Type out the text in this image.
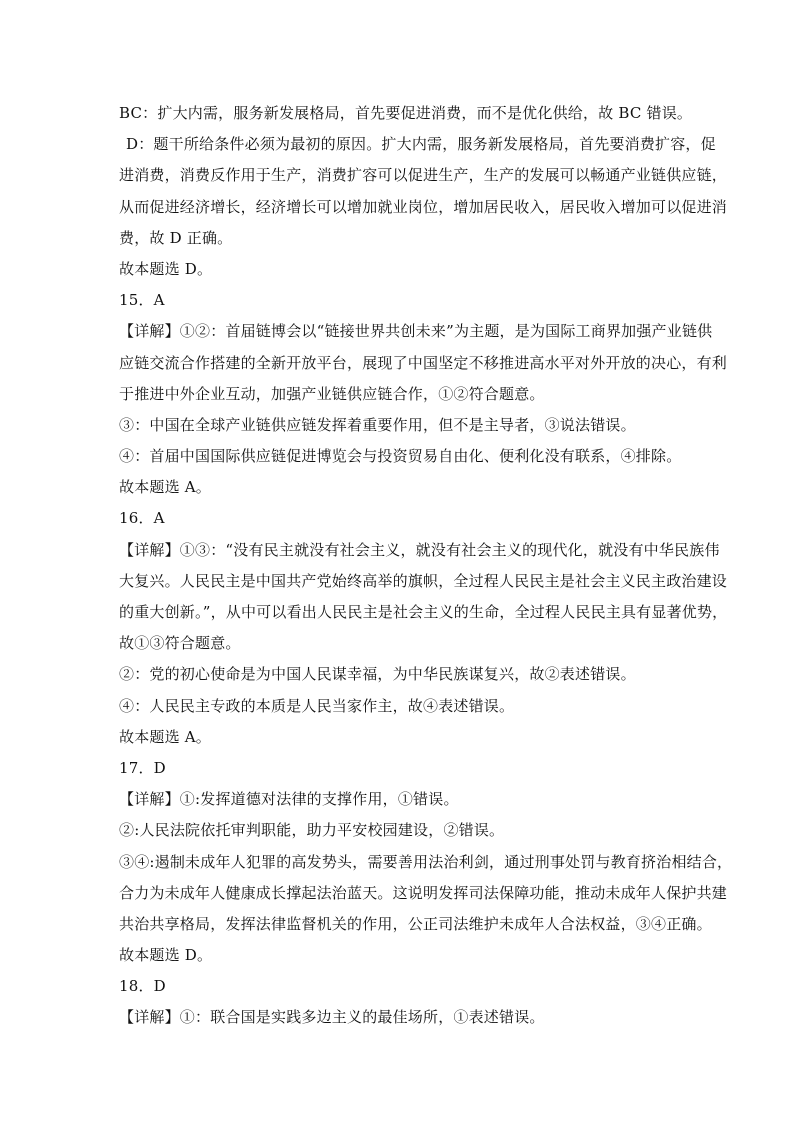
BC：扩大内需，服务新发展格局，首先要促进消费，而不是优化供给，故 BC 错误。
D：题干所给条件必须为最初的原因。扩大内需，服务新发展格局，首先要消费扩容，促
进消费，消费反作用于生产，消费扩容可以促进生产，生产的发展可以畅通产业链供应链，
从而促进经济增长，经济增长可以增加就业岗位，增加居民收入，居民收入增加可以促进消
费，故 D 正确。
故本题选 D。
15．A
【详解】①②：首届链博会以“链接世界共创未来”为主题，是为国际工商界加强产业链供
应链交流合作搭建的全新开放平台，展现了中国坚定不移推进高水平对外开放的决心，有利
于推进中外企业互动，加强产业链供应链合作，①②符合题意。
③：中国在全球产业链供应链发挥着重要作用，但不是主导者，③说法错误。
④：首届中国国际供应链促进博览会与投资贸易自由化、便利化没有联系，④排除。
故本题选 A。
16．A
【详解】①③：“没有民主就没有社会主义，就没有社会主义的现代化，就没有中华民族伟
大复兴。人民民主是中国共产党始终高举的旗帜，全过程人民民主是社会主义民主政治建设
的重大创新。”，从中可以看出人民民主是社会主义的生命，全过程人民民主具有显著优势，
故①③符合题意。
②：党的初心使命是为中国人民谋幸福，为中华民族谋复兴，故②表述错误。
④：人民民主专政的本质是人民当家作主，故④表述错误。
故本题选 A。
17．D
【详解】①:发挥道德对法律的支撑作用，①错误。
②:人民法院依托审判职能，助力平安校园建设，②错误。
③④:遏制未成年人犯罪的高发势头，需要善用法治利剑，通过刑事处罚与教育挤治相结合，
合力为未成年人健康成长撑起法治蓝天。这说明发挥司法保障功能，推动未成年人保护共建
共治共享格局，发挥法律监督机关的作用，公正司法维护未成年人合法权益，③④正确。
故本题选 D。
18．D
【详解】①：联合国是实践多边主义的最佳场所，①表述错误。
